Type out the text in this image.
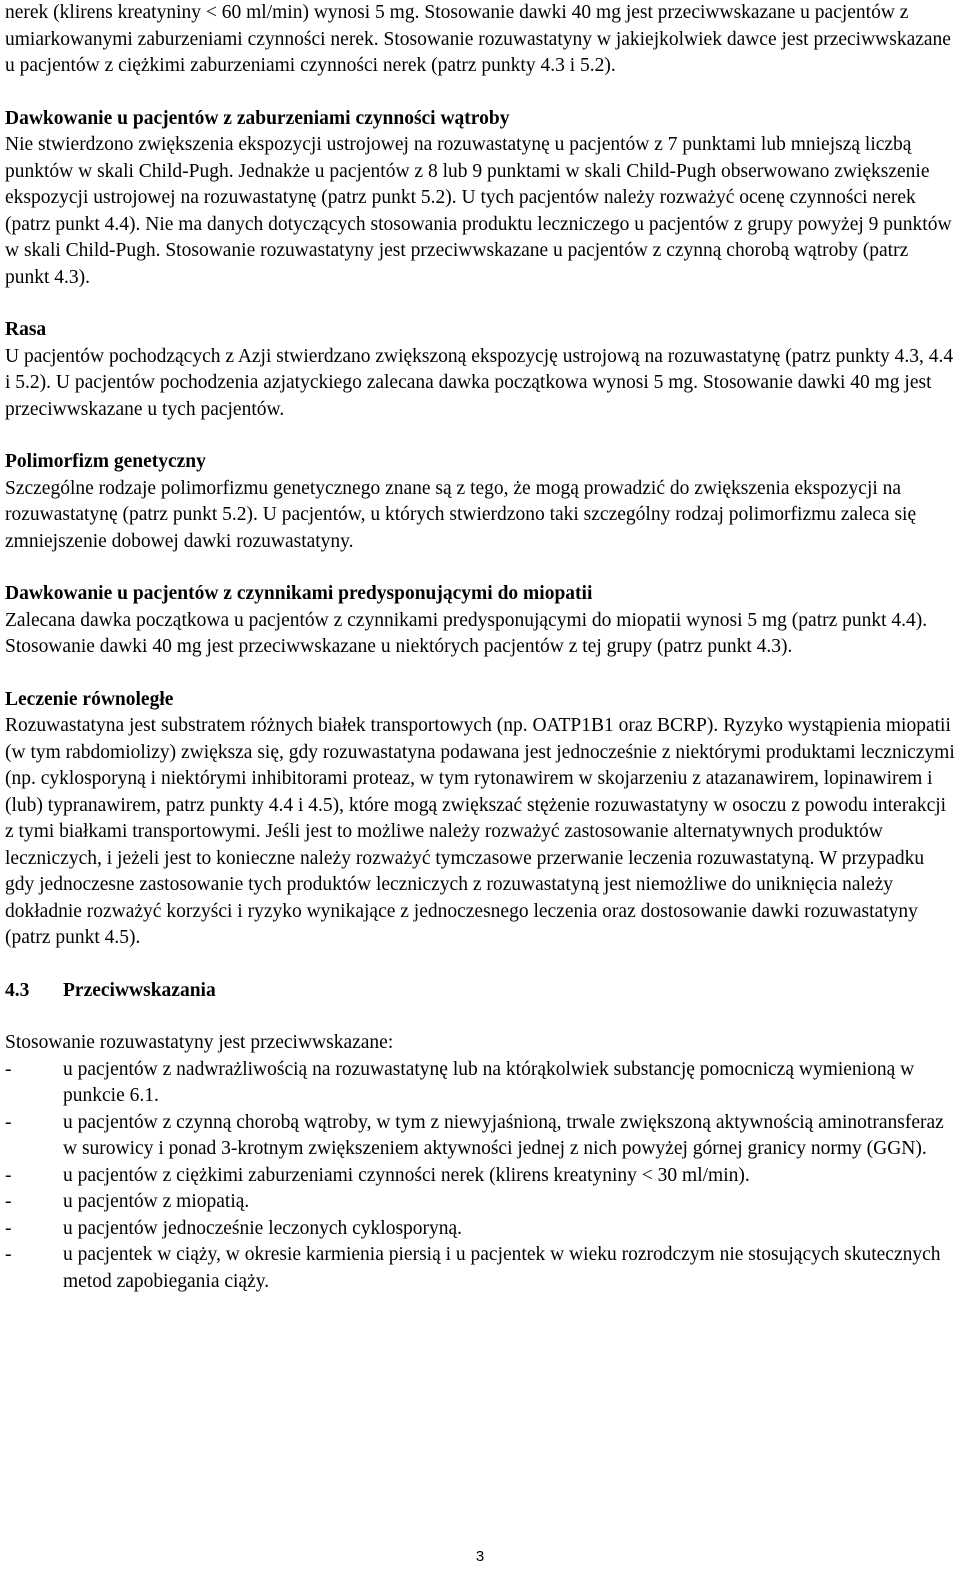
nerek (klirens kreatyniny < 60 ml/min) wynosi 5 mg. Stosowanie dawki 40 mg jest przeciwwskazane u pacjentów z umiarkowanymi zaburzeniami czynności nerek. Stosowanie rozuwastatyny w jakiejkolwiek dawce jest przeciwwskazane u pacjentów z ciężkimi zaburzeniami czynności nerek (patrz punkty 4.3 i 5.2).

Dawkowanie u pacjentów z zaburzeniami czynności wątroby

Nie stwierdzono zwiększenia ekspozycji ustrojowej na rozuwastatynę u pacjentów z 7 punktami lub mniejszą liczbą punktów w skali Child-Pugh. Jednakże u pacjentów z 8 lub 9 punktami w skali Child-Pugh obserwowano zwiększenie ekspozycji ustrojowej na rozuwastatynę (patrz punkt 5.2). U tych pacjentów należy rozważyć ocenę czynności nerek (patrz punkt 4.4). Nie ma danych dotyczących stosowania produktu leczniczego u pacjentów z grupy powyżej 9 punktów w skali Child-Pugh. Stosowanie rozuwastatyny jest przeciwwskazane u pacjentów z czynną chorobą wątroby (patrz punkt 4.3).

Rasa

U pacjentów pochodzących z Azji stwierdzano zwiększoną ekspozycję ustrojową na rozuwastatynę (patrz punkty 4.3, 4.4 i 5.2). U pacjentów pochodzenia azjatyckiego zalecana dawka początkowa wynosi 5 mg. Stosowanie dawki 40 mg jest przeciwwskazane u tych pacjentów.

Polimorfizm genetyczny

Szczególne rodzaje polimorfizmu genetycznego znane są z tego, że mogą prowadzić do zwiększenia ekspozycji na rozuwastatynę (patrz punkt 5.2). U pacjentów, u których stwierdzono taki szczególny rodzaj polimorfizmu zaleca się zmniejszenie dobowej dawki rozuwastatyny.

Dawkowanie u pacjentów z czynnikami predysponującymi do miopatii

Zalecana dawka początkowa u pacjentów z czynnikami predysponującymi do miopatii wynosi 5 mg (patrz punkt 4.4).

Stosowanie dawki 40 mg jest przeciwwskazane u niektórych pacjentów z tej grupy (patrz punkt 4.3).

Leczenie równoległe

Rozuwastatyna jest substratem różnych białek transportowych (np. OATP1B1 oraz BCRP). Ryzyko wystąpienia miopatii (w tym rabdomiolizy) zwiększa się, gdy rozuwastatyna podawana jest jednocześnie z niektórymi produktami leczniczymi (np. cyklosporyną i niektórymi inhibitorami proteaz, w tym rytonawirem w skojarzeniu z atazanawirem, lopinawirem i (lub) typranawirem, patrz punkty 4.4 i 4.5), które mogą zwiększać stężenie rozuwastatyny w osoczu z powodu interakcji z tymi białkami transportowymi. Jeśli jest to możliwe należy rozważyć zastosowanie alternatywnych produktów leczniczych, i jeżeli jest to konieczne należy rozważyć tymczasowe przerwanie leczenia rozuwastatyną. W przypadku gdy jednoczesne zastosowanie tych produktów leczniczych z rozuwastatyną jest niemożliwe do uniknięcia należy dokładnie rozważyć korzyści i ryzyko wynikające z jednoczesnego leczenia oraz dostosowanie dawki rozuwastatyny (patrz punkt 4.5).

4.3 Przeciwwskazania

Stosowanie rozuwastatyny jest przeciwwskazane:

-	u pacjentów z nadwrażliwością na rozuwastatynę lub na którąkolwiek substancję pomocniczą wymienioną w punkcie 6.1.
-	u pacjentów z czynną chorobą wątroby, w tym z niewyjaśnioną, trwale zwiększoną aktywnością aminotransferaz w surowicy i ponad 3-krotnym zwiększeniem aktywności jednej z nich powyżej górnej granicy normy (GGN).
-	u pacjentów z ciężkimi zaburzeniami czynności nerek (klirens kreatyniny < 30 ml/min).
-	u pacjentów z miopatią.
-	u pacjentów jednocześnie leczonych cyklosporyną.
-	u pacjentek w ciąży, w okresie karmienia piersią i u pacjentek w wieku rozrodczym nie stosujących skutecznych metod zapobiegania ciąży.
3
